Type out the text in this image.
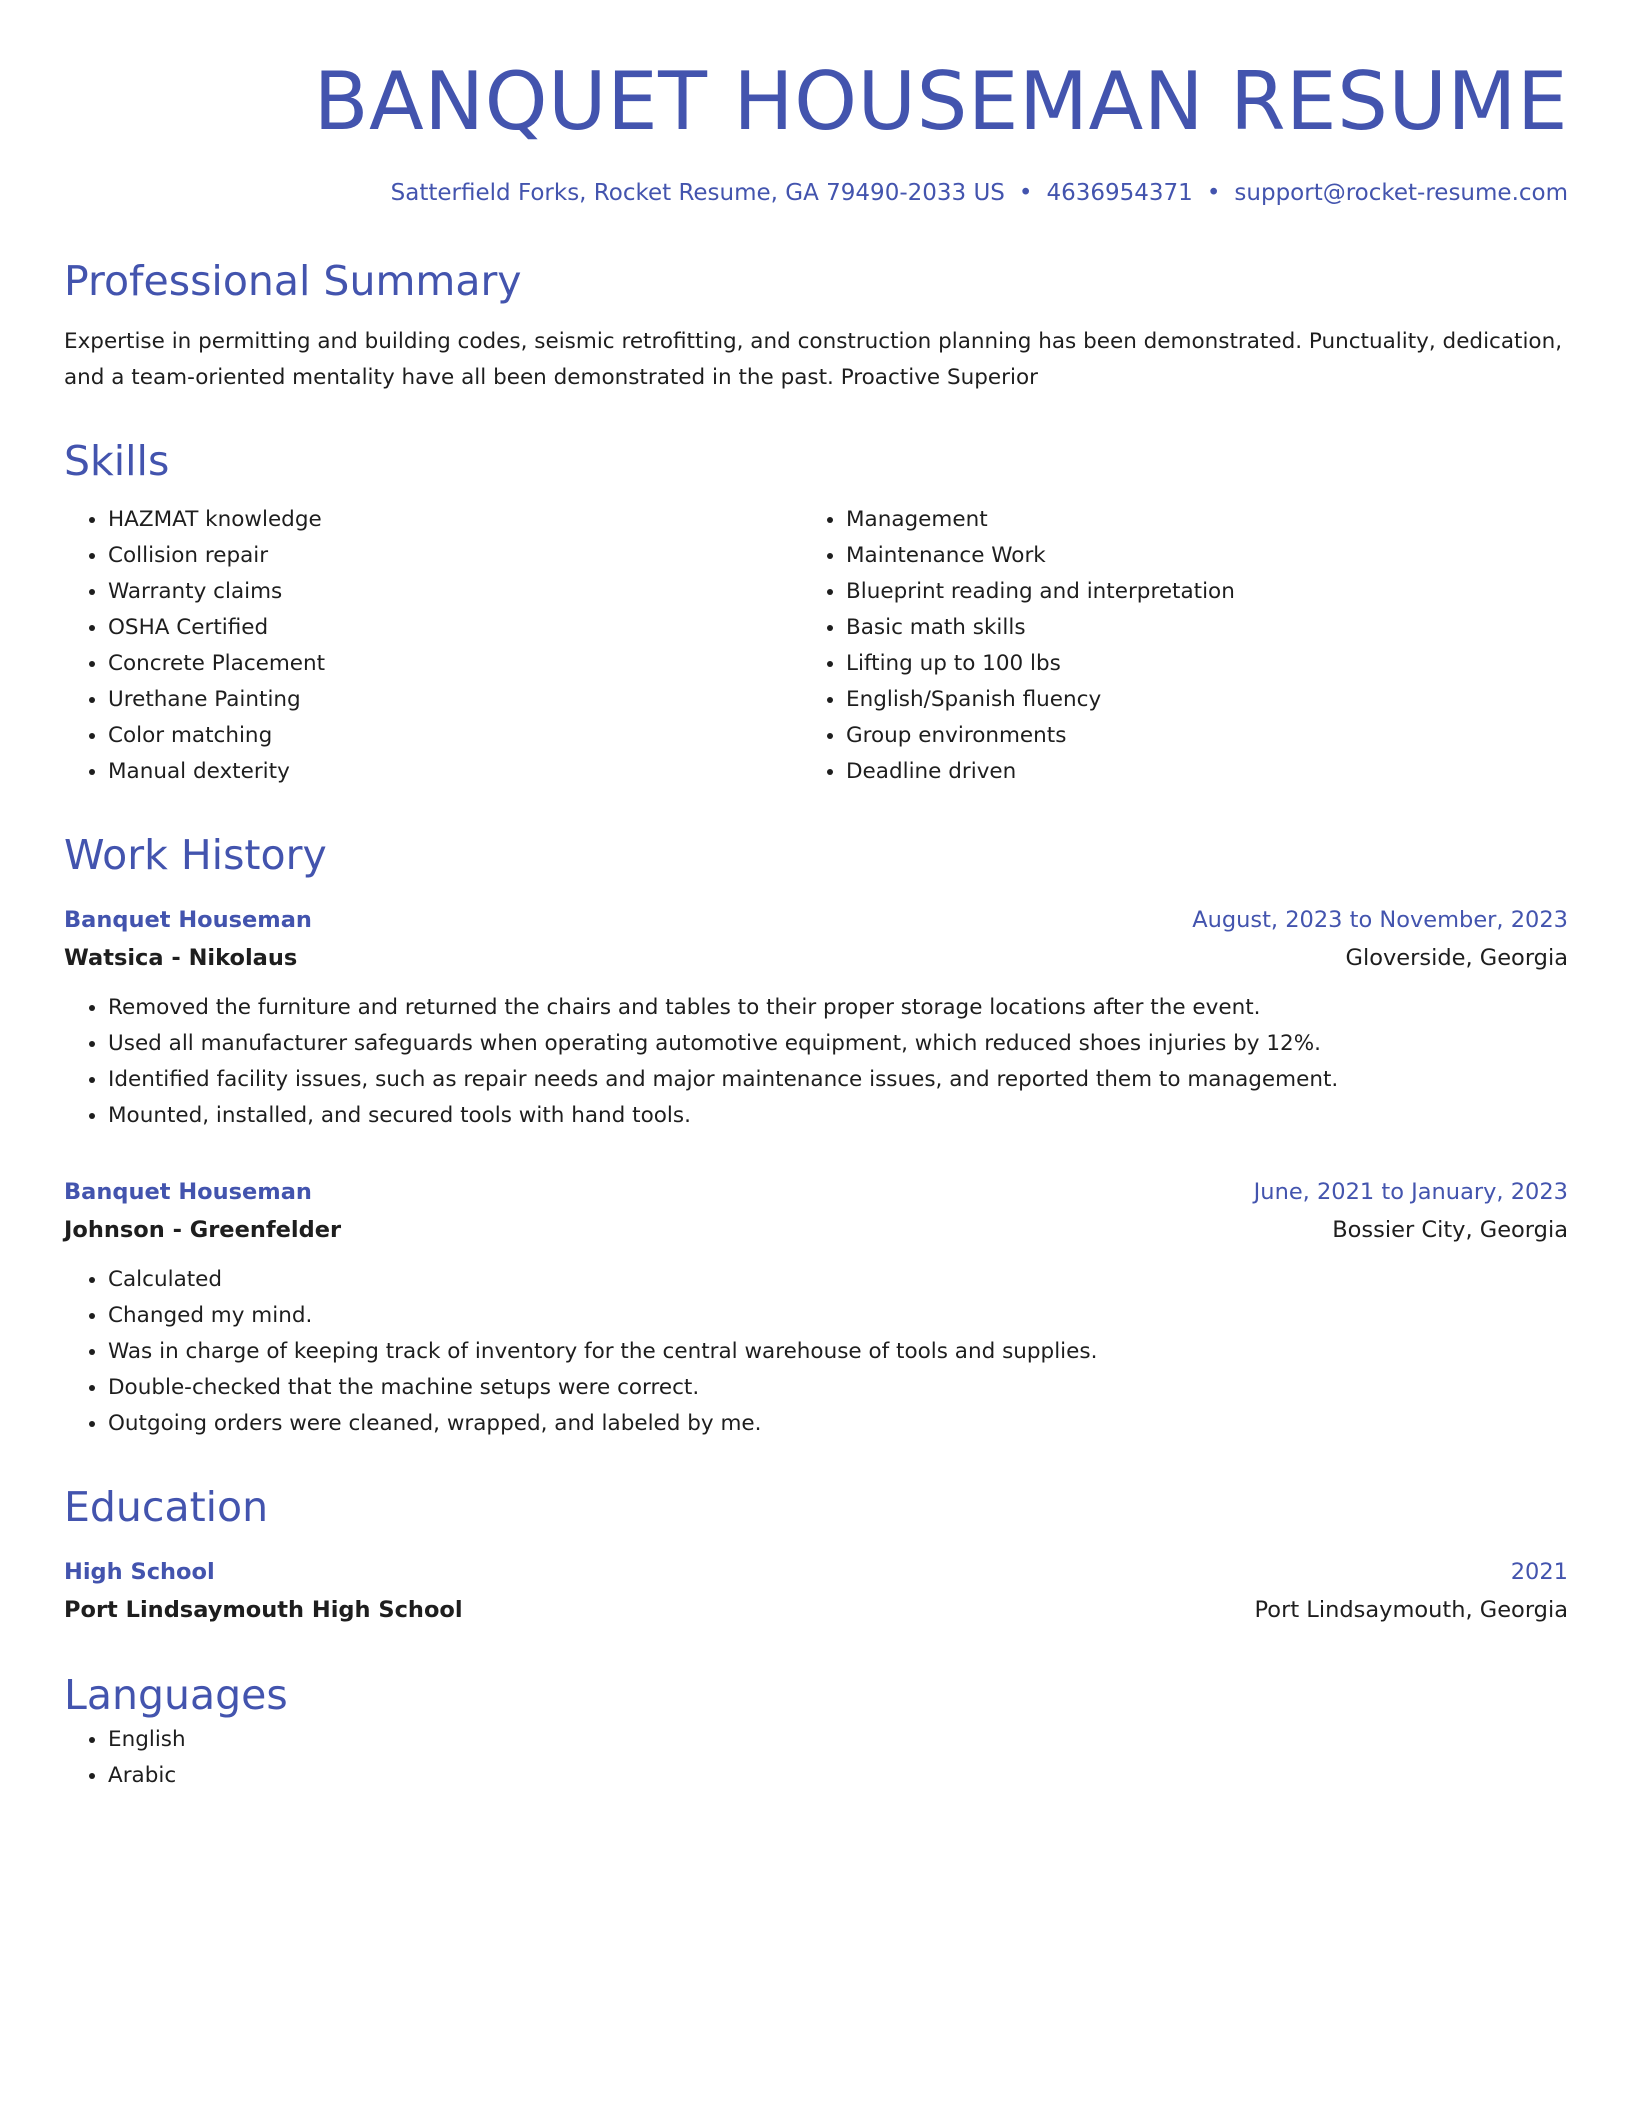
BANQUET HOUSEMAN RESUME
Satterfield Forks, Rocket Resume, GA 79490-2033 US • 4636954371 • support@rocket-resume.com
Professional Summary
Expertise in permitting and building codes, seismic retrofitting, and construction planning has been demonstrated. Punctuality, dedication, and a team-oriented mentality have all been demonstrated in the past. Proactive Superior
Skills
• HAZMAT knowledge
• Collision repair
• Warranty claims
• OSHA Certified
• Concrete Placement
• Urethane Painting
• Color matching
• Manual dexterity
• Management
• Maintenance Work
• Blueprint reading and interpretation
• Basic math skills
• Lifting up to 100 lbs
• English/Spanish fluency
• Group environments
• Deadline driven
Work History
Banquet Houseman	August, 2023 to November, 2023
Watsica - Nikolaus	Gloverside, Georgia
• Removed the furniture and returned the chairs and tables to their proper storage locations after the event.
• Used all manufacturer safeguards when operating automotive equipment, which reduced shoes injuries by 12%.
• Identified facility issues, such as repair needs and major maintenance issues, and reported them to management.
• Mounted, installed, and secured tools with hand tools.
Banquet Houseman	June, 2021 to January, 2023
Johnson - Greenfelder	Bossier City, Georgia
• Calculated
• Changed my mind.
• Was in charge of keeping track of inventory for the central warehouse of tools and supplies.
• Double-checked that the machine setups were correct.
• Outgoing orders were cleaned, wrapped, and labeled by me.
Education
High School	2021
Port Lindsaymouth High School	Port Lindsaymouth, Georgia
Languages
• English
• Arabic
